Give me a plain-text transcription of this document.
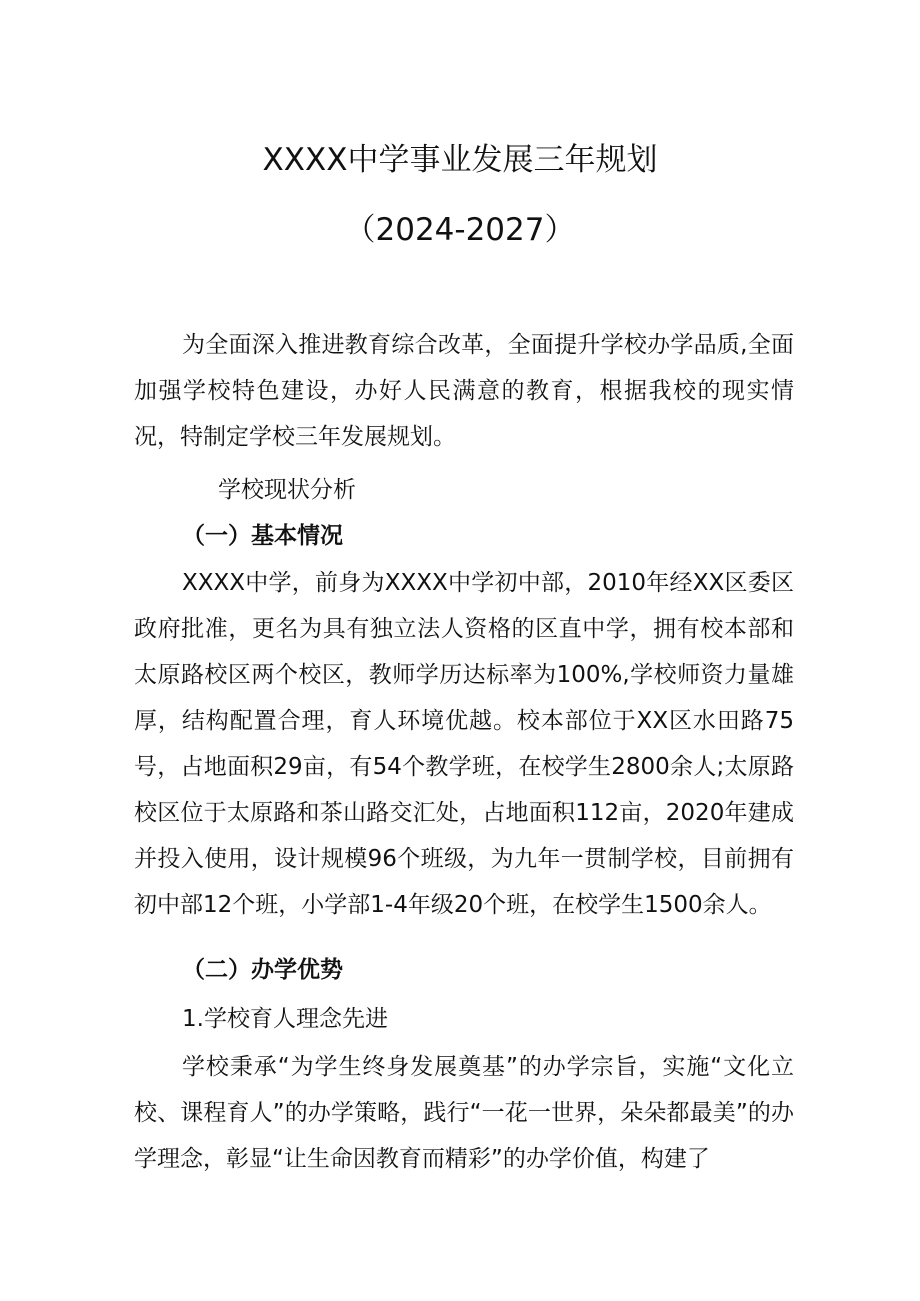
XXXX中学事业发展三年规划
（2024-2027）

为全面深入推进教育综合改革，全面提升学校办学品质,全面加强学校特色建设，办好人民满意的教育，根据我校的现实情况，特制定学校三年发展规划。

学校现状分析
（一）基本情况

XXXX中学，前身为XXXX中学初中部，2010年经XX区委区政府批准，更名为具有独立法人资格的区直中学，拥有校本部和太原路校区两个校区，教师学历达标率为100%,学校师资力量雄厚，结构配置合理，育人环境优越。校本部位于XX区水田路75号，占地面积29亩，有54个教学班，在校学生2800余人;太原路校区位于太原路和茶山路交汇处，占地面积112亩，2020年建成并投入使用，设计规模96个班级，为九年一贯制学校，目前拥有初中部12个班，小学部1-4年级20个班，在校学生1500余人。

（二）办学优势
1.学校育人理念先进

学校秉承“为学生终身发展奠基”的办学宗旨，实施“文化立校、课程育人”的办学策略，践行“一花一世界，朵朵都最美”的办学理念，彰显“让生命因教育而精彩”的办学价值，构建了
